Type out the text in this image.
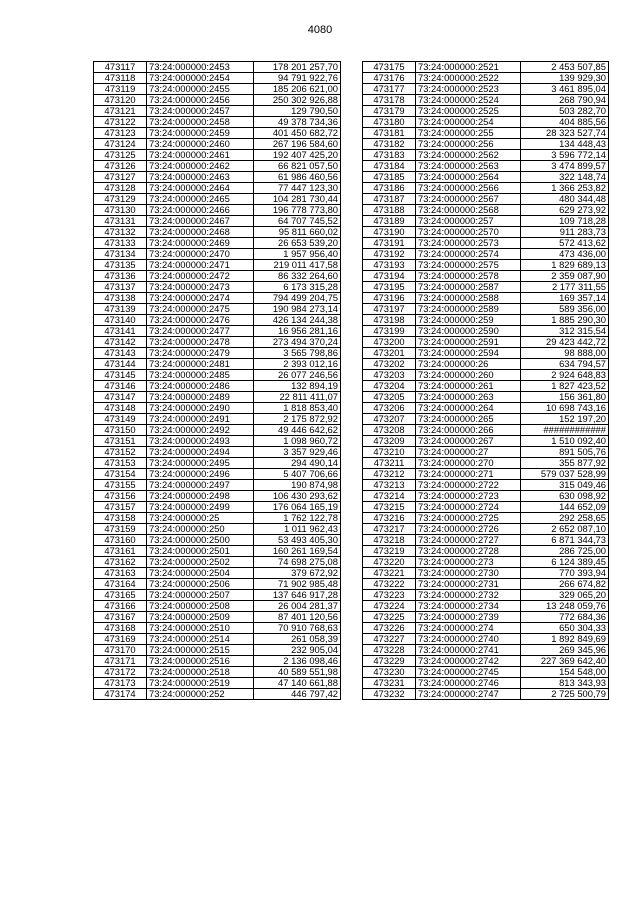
4080
473117	73:24:000000:2453	178 201 257,70
473118	73:24:000000:2454	94 791 922,76
473119	73:24:000000:2455	185 206 621,00
473120	73:24:000000:2456	250 302 926,88
473121	73:24:000000:2457	129 790,50
473122	73:24:000000:2458	49 378 734,36
473123	73:24:000000:2459	401 450 682,72
473124	73:24:000000:2460	267 196 584,60
473125	73:24:000000:2461	192 407 425,20
473126	73:24:000000:2462	66 821 057,50
473127	73:24:000000:2463	61 986 460,56
473128	73:24:000000:2464	77 447 123,30
473129	73:24:000000:2465	104 281 730,44
473130	73:24:000000:2466	196 778 773,80
473131	73:24:000000:2467	64 707 745,52
473132	73:24:000000:2468	95 811 660,02
473133	73:24:000000:2469	26 653 539,20
473134	73:24:000000:2470	1 957 956,40
473135	73:24:000000:2471	219 011 417,58
473136	73:24:000000:2472	86 332 264,60
473137	73:24:000000:2473	6 173 315,28
473138	73:24:000000:2474	794 499 204,75
473139	73:24:000000:2475	190 984 273,14
473140	73:24:000000:2476	426 134 244,38
473141	73:24:000000:2477	16 956 281,16
473142	73:24:000000:2478	273 494 370,24
473143	73:24:000000:2479	3 565 798,86
473144	73:24:000000:2481	2 393 012,16
473145	73:24:000000:2485	26 077 246,56
473146	73:24:000000:2486	132 894,19
473147	73:24:000000:2489	22 811 411,07
473148	73:24:000000:2490	1 818 853,40
473149	73:24:000000:2491	2 175 872,92
473150	73:24:000000:2492	49 446 642,62
473151	73:24:000000:2493	1 098 960,72
473152	73:24:000000:2494	3 357 929,46
473153	73:24:000000:2495	294 490,14
473154	73:24:000000:2496	5 407 706,66
473155	73:24:000000:2497	190 874,98
473156	73:24:000000:2498	106 430 293,62
473157	73:24:000000:2499	176 064 165,19
473158	73:24:000000:25	1 762 122,78
473159	73:24:000000:250	1 011 962,43
473160	73:24:000000:2500	53 493 405,30
473161	73:24:000000:2501	160 261 169,54
473162	73:24:000000:2502	74 698 275,08
473163	73:24:000000:2504	379 672,92
473164	73:24:000000:2506	71 902 985,48
473165	73:24:000000:2507	137 646 917,28
473166	73:24:000000:2508	26 004 281,37
473167	73:24:000000:2509	87 401 120,56
473168	73:24:000000:2510	70 910 768,63
473169	73:24:000000:2514	261 058,39
473170	73:24:000000:2515	232 905,04
473171	73:24:000000:2516	2 136 098,46
473172	73:24:000000:2518	40 589 551,98
473173	73:24:000000:2519	47 140 661,88
473174	73:24:000000:252	446 797,42
473175	73:24:000000:2521	2 453 507,85
473176	73:24:000000:2522	139 929,30
473177	73:24:000000:2523	3 461 895,04
473178	73:24:000000:2524	268 790,94
473179	73:24:000000:2525	503 282,70
473180	73:24:000000:254	404 885,56
473181	73:24:000000:255	28 323 527,74
473182	73:24:000000:256	134 448,43
473183	73:24:000000:2562	3 596 772,14
473184	73:24:000000:2563	3 474 899,57
473185	73:24:000000:2564	322 148,74
473186	73:24:000000:2566	1 366 253,82
473187	73:24:000000:2567	480 344,48
473188	73:24:000000:2568	629 273,92
473189	73:24:000000:257	109 718,28
473190	73:24:000000:2570	911 283,73
473191	73:24:000000:2573	572 413,62
473192	73:24:000000:2574	473 436,00
473193	73:24:000000:2575	1 829 689,13
473194	73:24:000000:2578	2 359 087,90
473195	73:24:000000:2587	2 177 311,55
473196	73:24:000000:2588	169 357,14
473197	73:24:000000:2589	589 356,00
473198	73:24:000000:259	1 885 290,30
473199	73:24:000000:2590	312 315,54
473200	73:24:000000:2591	29 423 442,72
473201	73:24:000000:2594	98 888,00
473202	73:24:000000:26	634 794,57
473203	73:24:000000:260	2 924 648,83
473204	73:24:000000:261	1 827 423,52
473205	73:24:000000:263	156 361,80
473206	73:24:000000:264	10 698 743,16
473207	73:24:000000:265	152 197,20
473208	73:24:000000:266	############
473209	73:24:000000:267	1 510 092,40
473210	73:24:000000:27	891 505,76
473211	73:24:000000:270	355 877,92
473212	73:24:000000:271	579 037 528,99
473213	73:24:000000:2722	315 049,46
473214	73:24:000000:2723	630 098,92
473215	73:24:000000:2724	144 652,09
473216	73:24:000000:2725	292 258,65
473217	73:24:000000:2726	2 652 087,10
473218	73:24:000000:2727	6 871 344,73
473219	73:24:000000:2728	286 725,00
473220	73:24:000000:273	6 124 389,45
473221	73:24:000000:2730	770 393,94
473222	73:24:000000:2731	266 674,82
473223	73:24:000000:2732	329 065,20
473224	73:24:000000:2734	13 248 059,76
473225	73:24:000000:2739	772 684,36
473226	73:24:000000:274	650 304,33
473227	73:24:000000:2740	1 892 849,69
473228	73:24:000000:2741	269 345,96
473229	73:24:000000:2742	227 369 642,40
473230	73:24:000000:2745	154 548,00
473231	73:24:000000:2746	813 343,93
473232	73:24:000000:2747	2 725 500,79
